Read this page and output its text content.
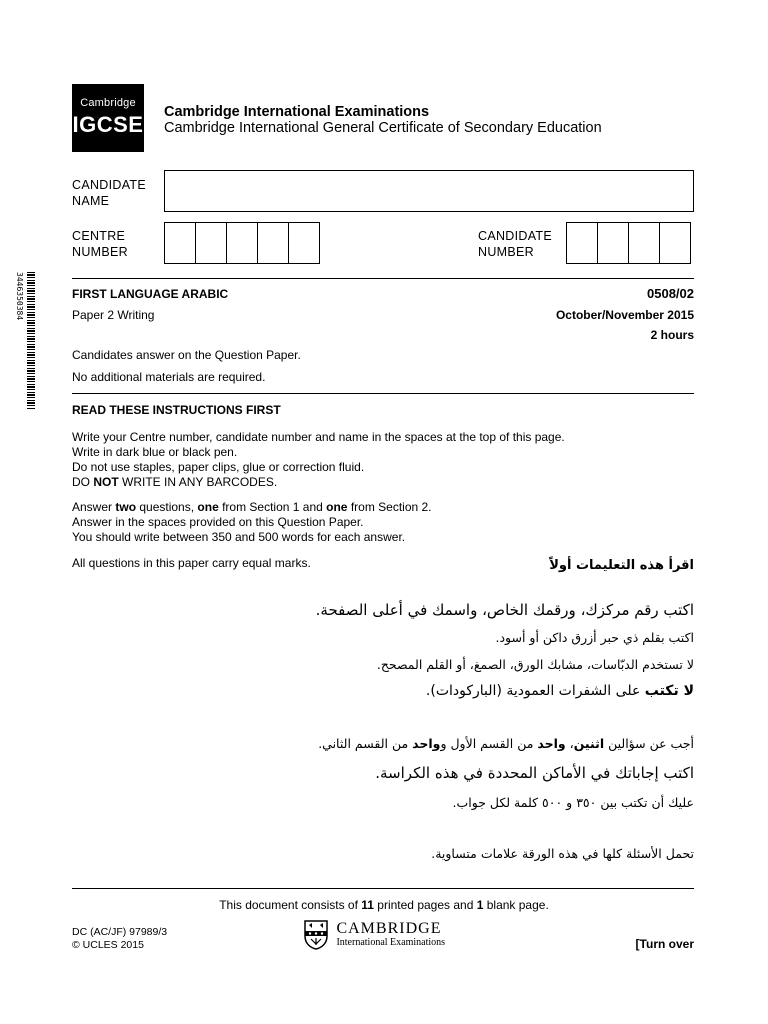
Cambridge
IGCSE Cambridge International Examinations
Cambridge International General Certificate of Secondary Education
CANDIDATE
NAME
CENTRE
NUMBER
CANDIDATE
NUMBER
3446350384	FIRST LANGUAGE ARABIC	0508/02
Paper 2 Writing	October/November 2015
2 hours
Candidates answer on the Question Paper.
No additional materials are required.
READ THESE INSTRUCTIONS FIRST
Write your Centre number, candidate number and name in the spaces at the top of this page.
Write in dark blue or black pen.
Do not use staples, paper clips, glue or correction fluid.
DO NOT WRITE IN ANY BARCODES.
Answer two questions, one from Section 1 and one from Section 2.
Answer in the spaces provided on this Question Paper.
You should write between 350 and 500 words for each answer.
All questions in this paper carry equal marks.	اقرأ هذه التعليمات أولاً
اكتب رقم مركزك، ورقمك الخاص، واسمك في أعلى الصفحة.
اكتب بقلم ذي حبر أزرق داكن أو أسود.
لا تستخدم الدبّاسات، مشابك الورق، الصمغ، أو القلم المصحح.
لا تكتب على الشفرات العمودية (الباركودات).
أجب عن سؤالين اثنين، واحد من القسم الأول وواحد من القسم الثاني.
اكتب إجاباتك في الأماكن المحددة في هذه الكراسة.
عليك أن تكتب بين ٣٥٠ و ٥٠٠ كلمة لكل جواب.
تحمل الأسئلة كلها في هذه الورقة علامات متساوية.
This document consists of 11 printed pages and 1 blank page.
DC (AC/JF) 97989/3
© UCLES 2015

CAMBRIDGE
International Examinations	[Turn over
